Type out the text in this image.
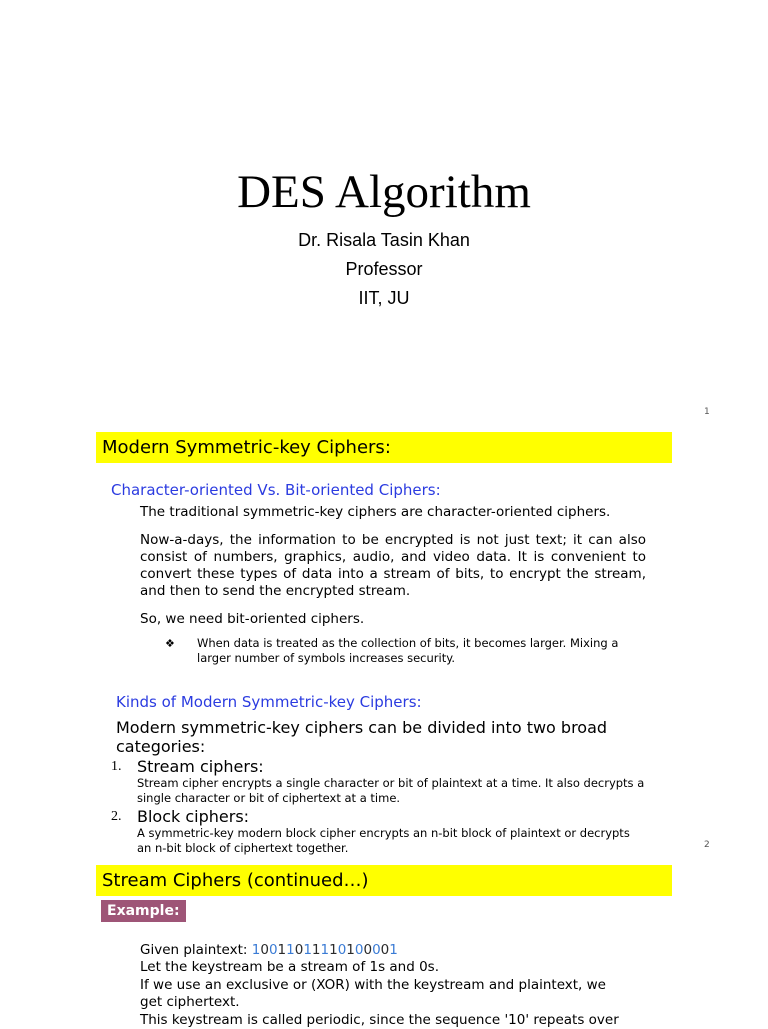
DES Algorithm
Dr. Risala Tasin Khan
Professor
IIT, JU
1
Modern Symmetric-key Ciphers:
Character-oriented Vs. Bit-oriented Ciphers:
The traditional symmetric-key ciphers are character-oriented ciphers.
Now-a-days, the information to be encrypted is not just text; it can also consist of numbers, graphics, audio, and video data. It is convenient to convert these types of data into a stream of bits, to encrypt the stream, and then to send the encrypted stream.
So, we need bit-oriented ciphers.
❖ When data is treated as the collection of bits, it becomes larger. Mixing a larger number of symbols increases security.
Kinds of Modern Symmetric-key Ciphers:
Modern symmetric-key ciphers can be divided into two broad categories:
1. Stream ciphers:
Stream cipher encrypts a single character or bit of plaintext at a time. It also decrypts a single character or bit of ciphertext at a time.
2. Block ciphers:
A symmetric-key modern block cipher encrypts an n-bit block of plaintext or decrypts an n-bit block of ciphertext together.	2
Stream Ciphers (continued…)
Example:
Given plaintext: 10011011110100001
Let the keystream be a stream of 1s and 0s.
If we use an exclusive or (XOR) with the keystream and plaintext, we
get ciphertext.
This keystream is called periodic, since the sequence '10' repeats over
